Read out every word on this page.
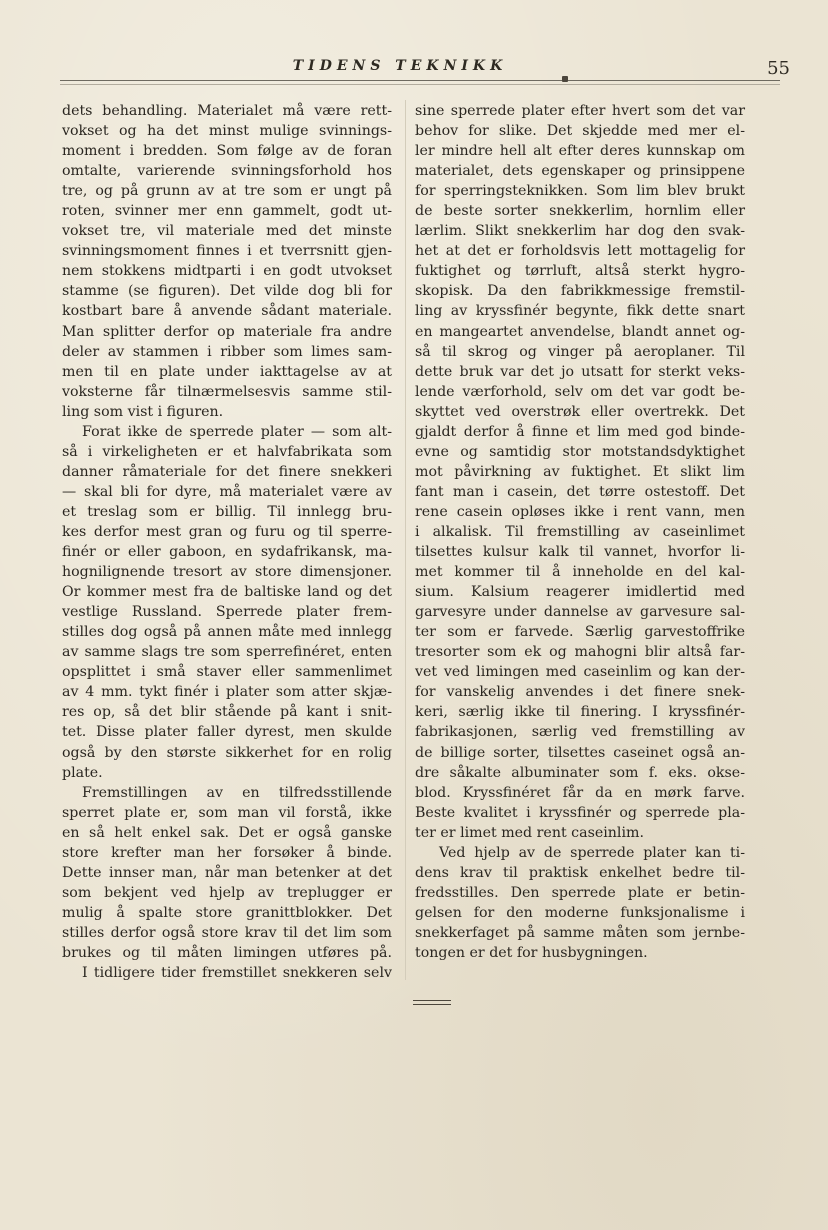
TIDENS TEKNIKK	55
dets behandling. Materialet må være rett-
vokset og ha det minst mulige svinnings-
moment i bredden. Som følge av de foran
omtalte, varierende svinningsforhold hos
tre, og på grunn av at tre som er ungt på
roten, svinner mer enn gammelt, godt ut-
vokset tre, vil materiale med det minste
svinningsmoment finnes i et tverrsnitt gjen-
nem stokkens midtparti i en godt utvokset
stamme (se figuren). Det vilde dog bli for
kostbart bare å anvende sådant materiale.
Man splitter derfor op materiale fra andre
deler av stammen i ribber som limes sam-
men til en plate under iakttagelse av at
voksterne får tilnærmelsesvis samme stil-
ling som vist i figuren.
Forat ikke de sperrede plater — som alt-
så i virkeligheten er et halvfabrikata som
danner råmateriale for det finere snekkeri
— skal bli for dyre, må materialet være av
et treslag som er billig. Til innlegg bru-
kes derfor mest gran og furu og til sperre-
finér or eller gaboon, en sydafrikansk, ma-
hognilignende tresort av store dimensjoner.
Or kommer mest fra de baltiske land og det
vestlige Russland. Sperrede plater frem-
stilles dog også på annen måte med innlegg
av samme slags tre som sperrefinéret, enten
opsplittet i små staver eller sammenlimet
av 4 mm. tykt finér i plater som atter skjæ-
res op, så det blir stående på kant i snit-
tet. Disse plater faller dyrest, men skulde
også by den største sikkerhet for en rolig
plate.
Fremstillingen av en tilfredsstillende
sperret plate er, som man vil forstå, ikke
en så helt enkel sak. Det er også ganske
store krefter man her forsøker å binde.
Dette innser man, når man betenker at det
som bekjent ved hjelp av treplugger er
mulig å spalte store granittblokker. Det
stilles derfor også store krav til det lim som
brukes og til måten limingen utføres på.
I tidligere tider fremstillet snekkeren selv
sine sperrede plater efter hvert som det var
behov for slike. Det skjedde med mer el-
ler mindre hell alt efter deres kunnskap om
materialet, dets egenskaper og prinsippene
for sperringsteknikken. Som lim blev brukt
de beste sorter snekkerlim, hornlim eller
lærlim. Slikt snekkerlim har dog den svak-
het at det er forholdsvis lett mottagelig for
fuktighet og tørrluft, altså sterkt hygro-
skopisk. Da den fabrikkmessige fremstil-
ling av kryssfinér begynte, fikk dette snart
en mangeartet anvendelse, blandt annet og-
så til skrog og vinger på aeroplaner. Til
dette bruk var det jo utsatt for sterkt veks-
lende værforhold, selv om det var godt be-
skyttet ved overstrøk eller overtrekk. Det
gjaldt derfor å finne et lim med god binde-
evne og samtidig stor motstandsdyktighet
mot påvirkning av fuktighet. Et slikt lim
fant man i casein, det tørre ostestoff. Det
rene casein opløses ikke i rent vann, men
i alkalisk. Til fremstilling av caseinlimet
tilsettes kulsur kalk til vannet, hvorfor li-
met kommer til å inneholde en del kal-
sium. Kalsium reagerer imidlertid med
garvesyre under dannelse av garvesure sal-
ter som er farvede. Særlig garvestoffrike
tresorter som ek og mahogni blir altså far-
vet ved limingen med caseinlim og kan der-
for vanskelig anvendes i det finere snek-
keri, særlig ikke til finering. I kryssfinér-
fabrikasjonen, særlig ved fremstilling av
de billige sorter, tilsettes caseinet også an-
dre såkalte albuminater som f. eks. okse-
blod. Kryssfinéret får da en mørk farve.
Beste kvalitet i kryssfinér og sperrede pla-
ter er limet med rent caseinlim.
Ved hjelp av de sperrede plater kan ti-
dens krav til praktisk enkelhet bedre til-
fredsstilles. Den sperrede plate er betin-
gelsen for den moderne funksjonalisme i
snekkerfaget på samme måten som jernbe-
tongen er det for husbygningen.
